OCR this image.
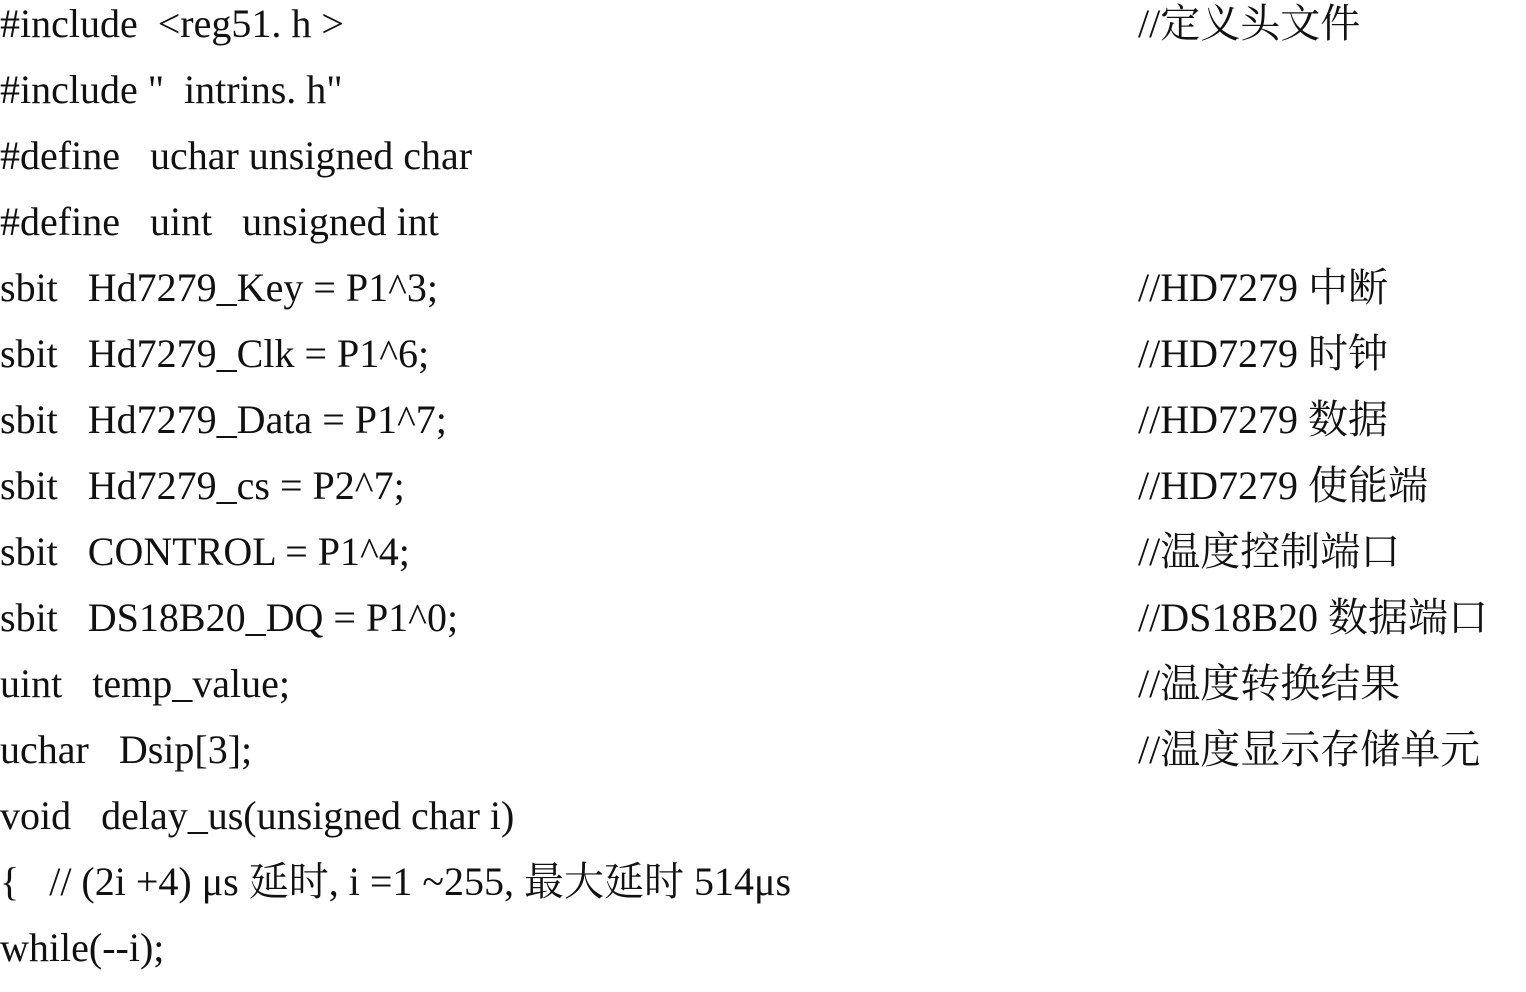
#include  <reg51. h >	//定义头文件
#include "  intrins. h"
#define   uchar unsigned char
#define   uint   unsigned int
sbit   Hd7279_Key = P1^3;	//HD7279 中断
sbit   Hd7279_Clk = P1^6;	//HD7279 时钟
sbit   Hd7279_Data = P1^7;	//HD7279 数据
sbit   Hd7279_cs = P2^7;	//HD7279 使能端
sbit   CONTROL = P1^4;	//温度控制端口
sbit   DS18B20_DQ = P1^0;	//DS18B20 数据端口
uint   temp_value;	//温度转换结果
uchar   Dsip[3];	//温度显示存储单元
void   delay_us(unsigned char i)
{   // (2i +4) μs 延时, i =1 ~255, 最大延时 514μs
while(--i);
